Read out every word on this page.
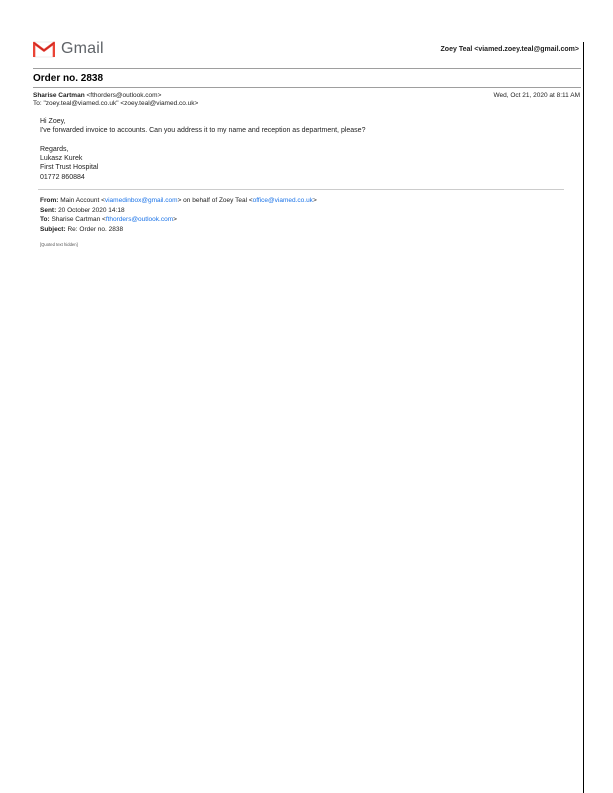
Gmail	Zoey Teal <viamed.zoey.teal@gmail.com>
Order no. 2838
Sharise Cartman <fthorders@outlook.com>	Wed, Oct 21, 2020 at 8:11 AM
To: "zoey.teal@viamed.co.uk" <zoey.teal@viamed.co.uk>
Hi Zoey,
I've forwarded invoice to accounts. Can you address it to my name and reception as department, please?
Regards,
Lukasz Kurek
First Trust Hospital
01772 860884
From: Main Account <viamedinbox@gmail.com> on behalf of Zoey Teal <office@viamed.co.uk>
Sent: 20 October 2020 14:18
To: Sharise Cartman <fthorders@outlook.com>
Subject: Re: Order no. 2838
[Quoted text hidden]
